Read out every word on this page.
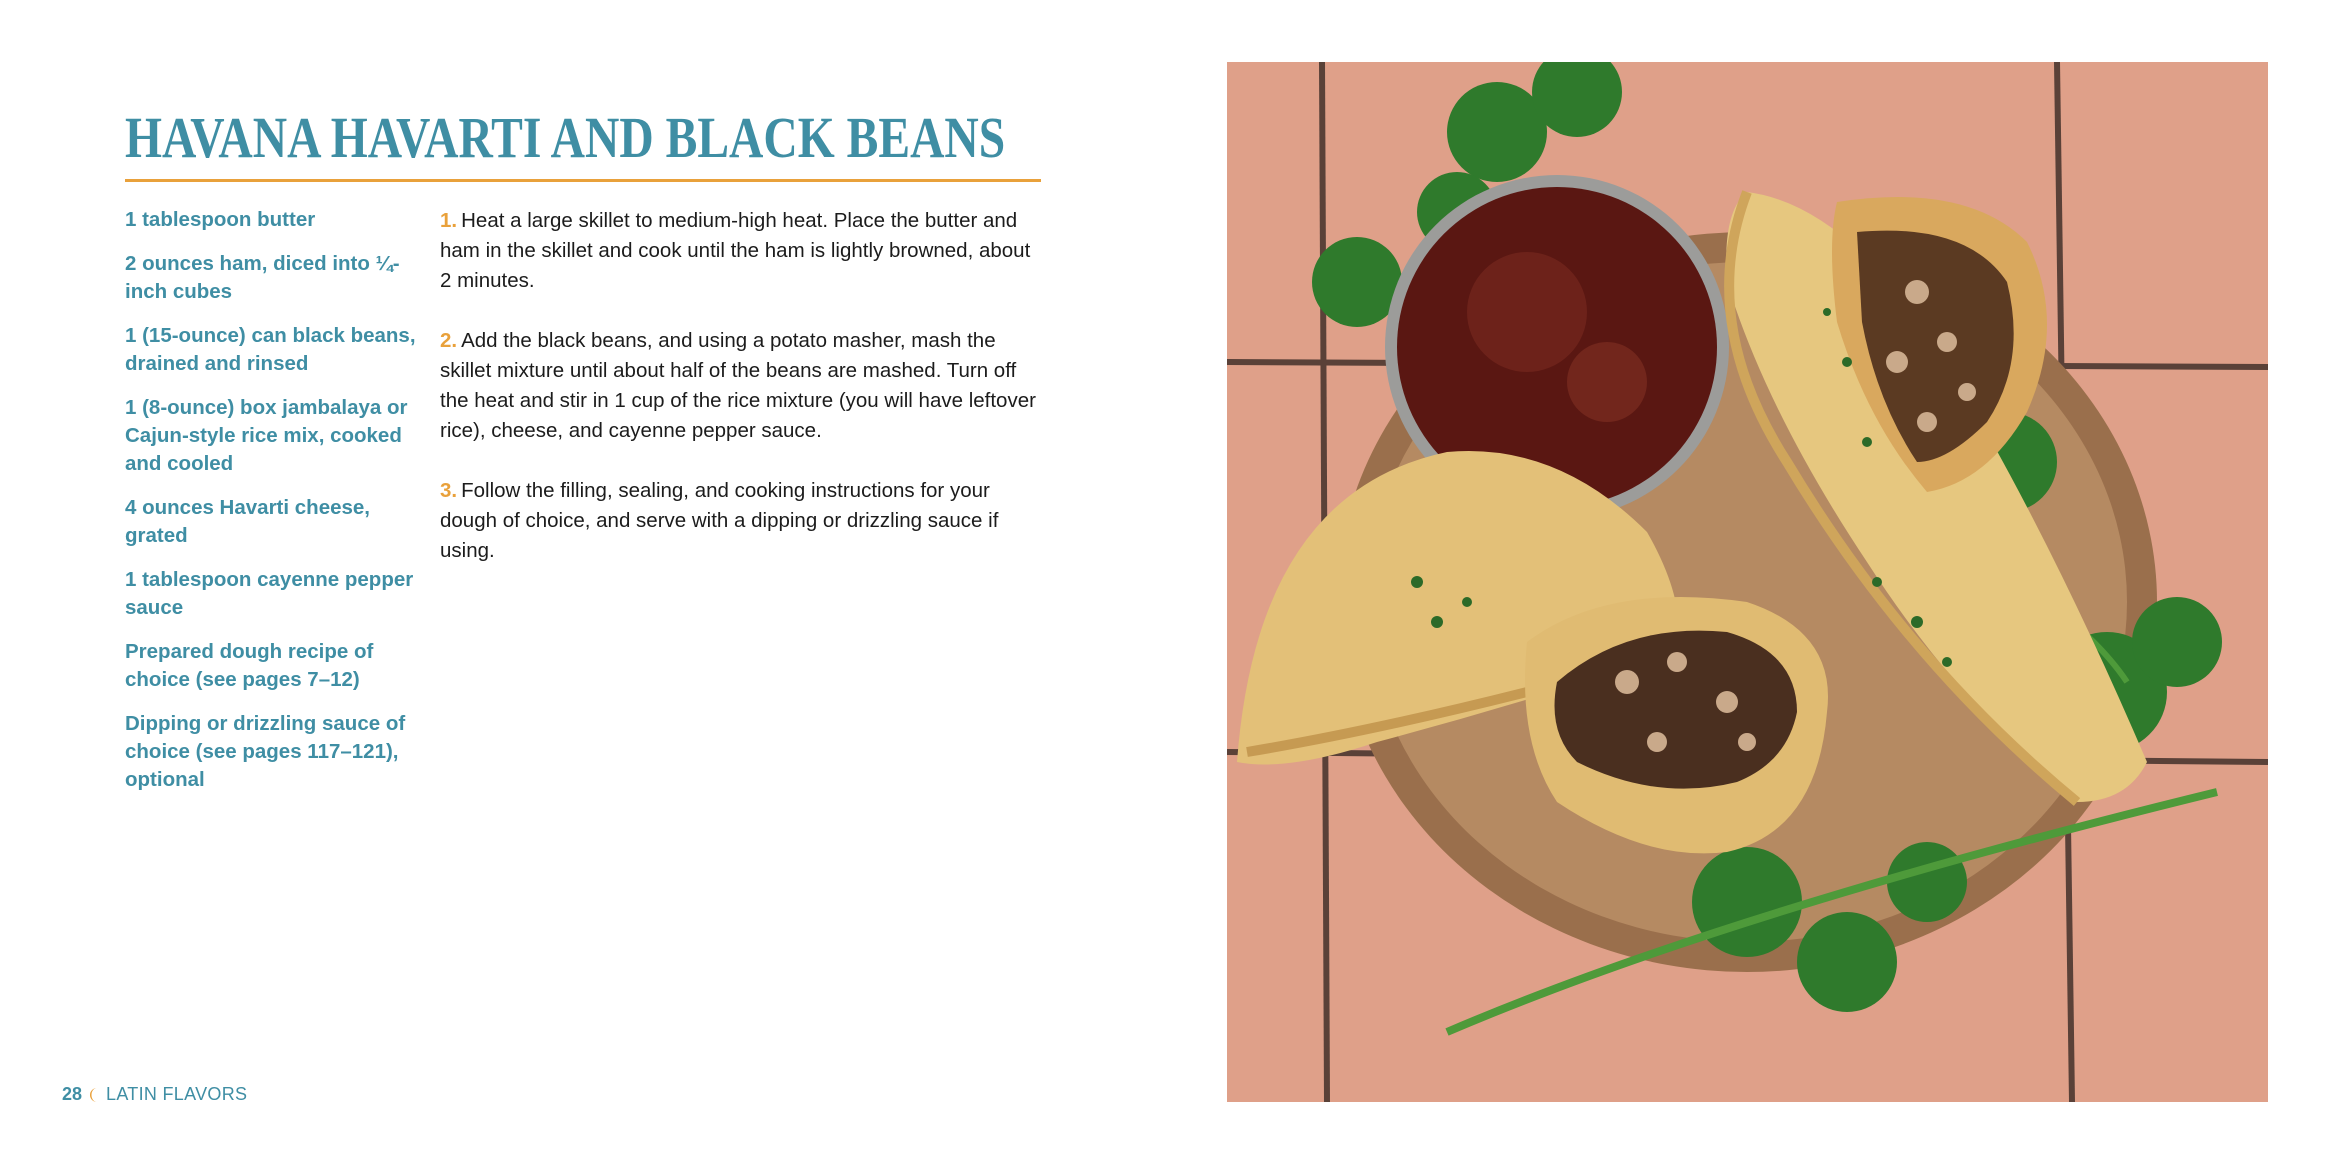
HAVANA HAVARTI AND BLACK BEANS
1 tablespoon butter
2 ounces ham, diced into ¼-inch cubes
1 (15-ounce) can black beans, drained and rinsed
1 (8-ounce) box jambalaya or Cajun-style rice mix, cooked and cooled
4 ounces Havarti cheese, grated
1 tablespoon cayenne pepper sauce
Prepared dough recipe of choice (see pages 7–12)
Dipping or drizzling sauce of choice (see pages 117–121), optional

1. Heat a large skillet to medium-high heat. Place the butter and ham in the skillet and cook until the ham is lightly browned, about 2 minutes.

2. Add the black beans, and using a potato masher, mash the skillet mixture until about half of the beans are mashed. Turn off the heat and stir in 1 cup of the rice mixture (you will have leftover rice), cheese, and cayenne pepper sauce.

3. Follow the filling, sealing, and cooking instructions for your dough of choice, and serve with a dipping or drizzling sauce if using.

28 LATIN FLAVORS
